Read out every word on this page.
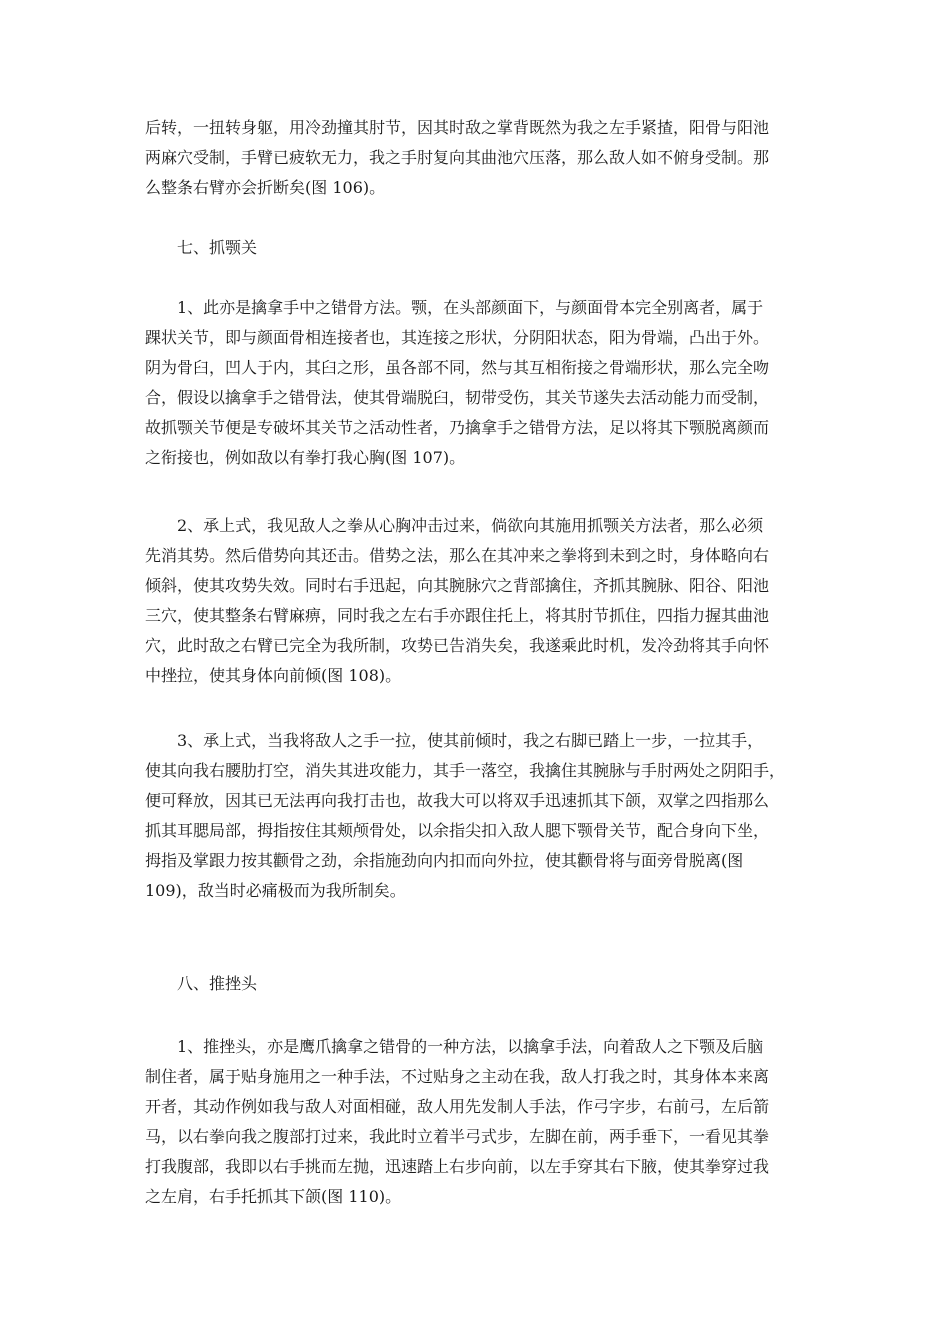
后转，一扭转身躯，用冷劲撞其肘节，因其时敌之掌背既然为我之左手紧揸，阳骨与阳池
两麻穴受制，手臂已疲软无力，我之手肘复向其曲池穴压落，那么敌人如不俯身受制。那
么整条右臂亦会折断矣(图 106)。
七、抓颚关
1、此亦是擒拿手中之错骨方法。颚，在头部颜面下，与颜面骨本完全别离者，属于
踝状关节，即与颜面骨相连接者也，其连接之形状，分阴阳状态，阳为骨端，凸出于外。
阴为骨臼，凹人于内，其臼之形，虽各部不同，然与其互相衔接之骨端形状，那么完全吻
合，假设以擒拿手之错骨法，使其骨端脱臼，韧带受伤，其关节遂失去活动能力而受制，
故抓颚关节便是专破坏其关节之活动性者，乃擒拿手之错骨方法，足以将其下颚脱离颜而
之衔接也，例如敌以有拳打我心胸(图 107)。
2、承上式，我见敌人之拳从心胸冲击过来，倘欲向其施用抓颚关方法者，那么必须
先消其势。然后借势向其还击。借势之法，那么在其冲来之拳将到未到之时，身体略向右
倾斜，使其攻势失效。同时右手迅起，向其腕脉穴之背部擒住，齐抓其腕脉、阳谷、阳池
三穴，使其整条右臂麻痹，同时我之左右手亦跟住托上，将其肘节抓住，四指力握其曲池
穴，此时敌之右臂已完全为我所制，攻势已告消失矣，我遂乘此时机，发冷劲将其手向怀
中挫拉，使其身体向前倾(图 108)。
3、承上式，当我将敌人之手一拉，使其前倾时，我之右脚已踏上一步，一拉其手，
使其向我右腰肋打空，消失其进攻能力，其手一落空，我擒住其腕脉与手肘两处之阴阳手，
便可释放，因其已无法再向我打击也，故我大可以将双手迅速抓其下颌，双掌之四指那么
抓其耳腮局部，拇指按住其颊颅骨处，以余指尖扣入敌人腮下颚骨关节，配合身向下坐，
拇指及掌跟力按其颧骨之劲，余指施劲向内扣而向外拉，使其颧骨将与面旁骨脱离(图
109)，敌当时必痛极而为我所制矣。
八、推挫头
1、推挫头，亦是鹰爪擒拿之错骨的一种方法，以擒拿手法，向着敌人之下颚及后脑
制住者，属于贴身施用之一种手法，不过贴身之主动在我，敌人打我之时，其身体本来离
开者，其动作例如我与敌人对面相碰，敌人用先发制人手法，作弓字步，右前弓，左后箭
马，以右拳向我之腹部打过来，我此时立着半弓式步，左脚在前，两手垂下，一看见其拳
打我腹部，我即以右手挑而左抛，迅速踏上右步向前，以左手穿其右下腋，使其拳穿过我
之左肩，右手托抓其下颌(图 110)。
